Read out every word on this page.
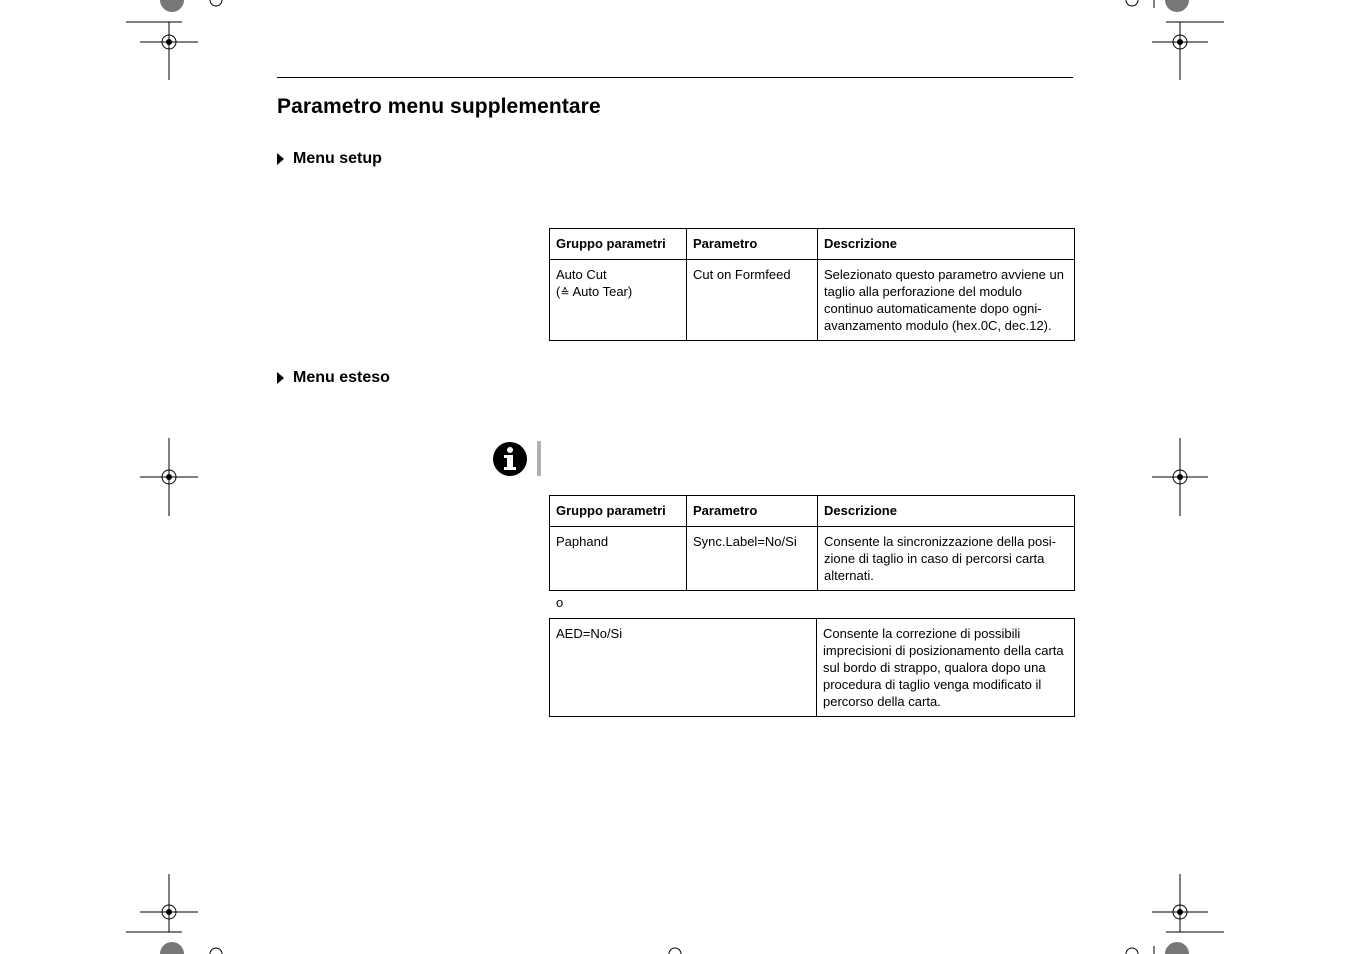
Parametro menu supplementare
Menu setup
Gruppo parametri	Parametro	Descrizione

Auto Cut
(≙ Auto Tear)	Cut on Formfeed	Selezionato questo parametro avviene un taglio alla perforazione del modulo continuo automaticamente dopo ogniavanzamento modulo (hex.0C, dec.12).
Menu esteso
Gruppo parametri	Parametro	Descrizione
Paphand	Sync.Label=No/Si	Consente la sincronizzazione della posizione di taglio in caso di percorsi carta alternati.
o
AED=No/Si	Consente la correzione di possibili imprecisioni di posizionamento della carta sul bordo di strappo, qualora dopo una procedura di taglio venga modificato il percorso della carta.
